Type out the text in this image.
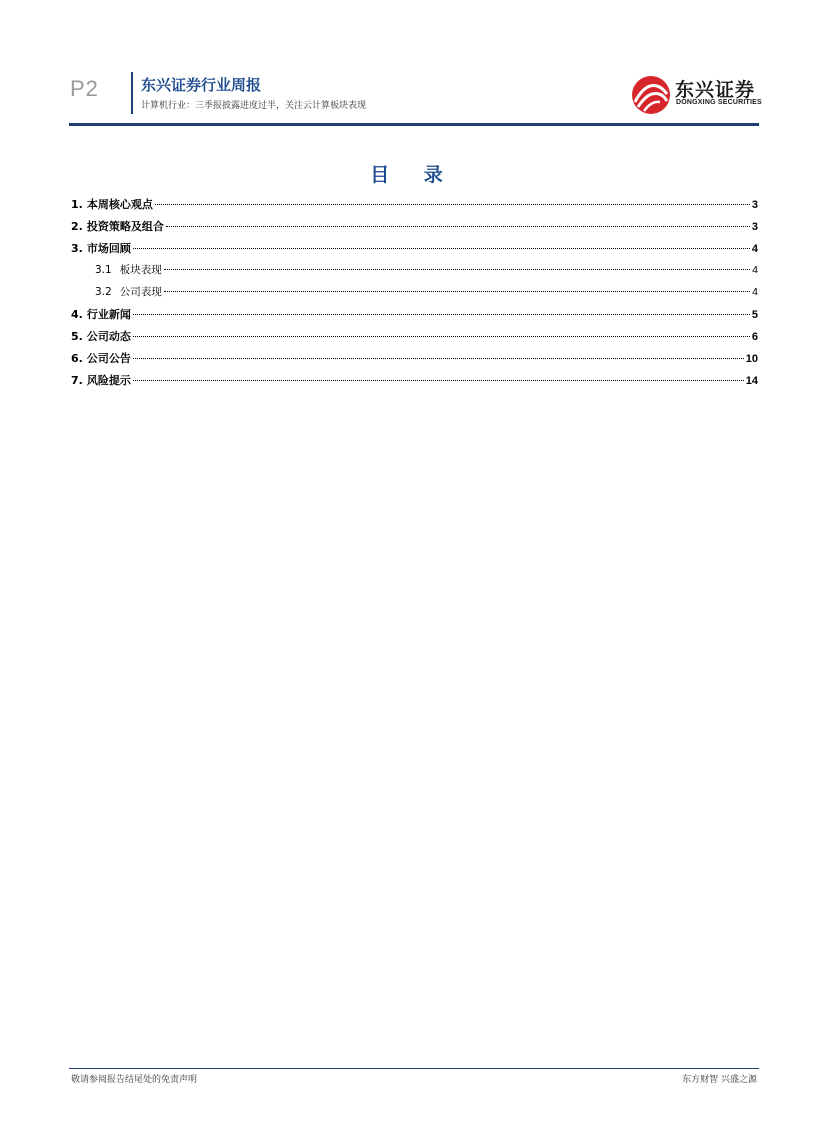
P2	东兴证券行业周报
计算机行业：三季报披露进度过半，关注云计算板块表现
东兴证券
DONGXING SECURITIES
目 录
1. 本周核心观点	3
2. 投资策略及组合	3
3. 市场回顾	4
3.1 板块表现	4
3.2 公司表现	4
4. 行业新闻	5
5. 公司动态	6
6. 公司公告	10
7. 风险提示	14
敬请参阅报告结尾处的免责声明	东方财智 兴盛之源
